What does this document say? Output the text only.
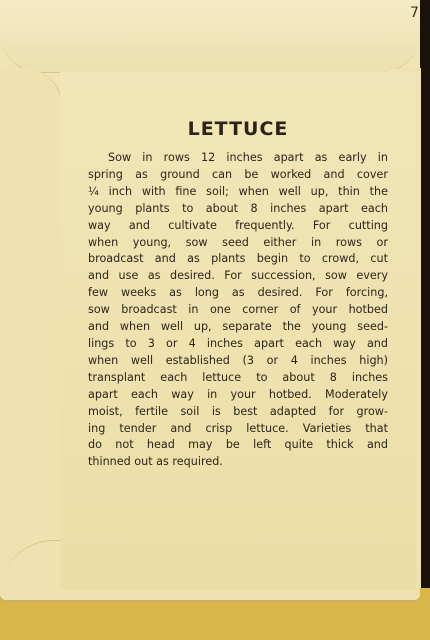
7
LETTUCE
Sow in rows 12 inches apart as early in
spring as ground can be worked and cover
¼ inch with fine soil; when well up, thin the
young plants to about 8 inches apart each
way and cultivate frequently. For cutting
when young, sow seed either in rows or
broadcast and as plants begin to crowd, cut
and use as desired. For succession, sow every
few weeks as long as desired. For forcing,
sow broadcast in one corner of your hotbed
and when well up, separate the young seed-
lings to 3 or 4 inches apart each way and
when well established (3 or 4 inches high)
transplant each lettuce to about 8 inches
apart each way in your hotbed. Moderately
moist, fertile soil is best adapted for grow-
ing tender and crisp lettuce. Varieties that
do not head may be left quite thick and
thinned out as required.
